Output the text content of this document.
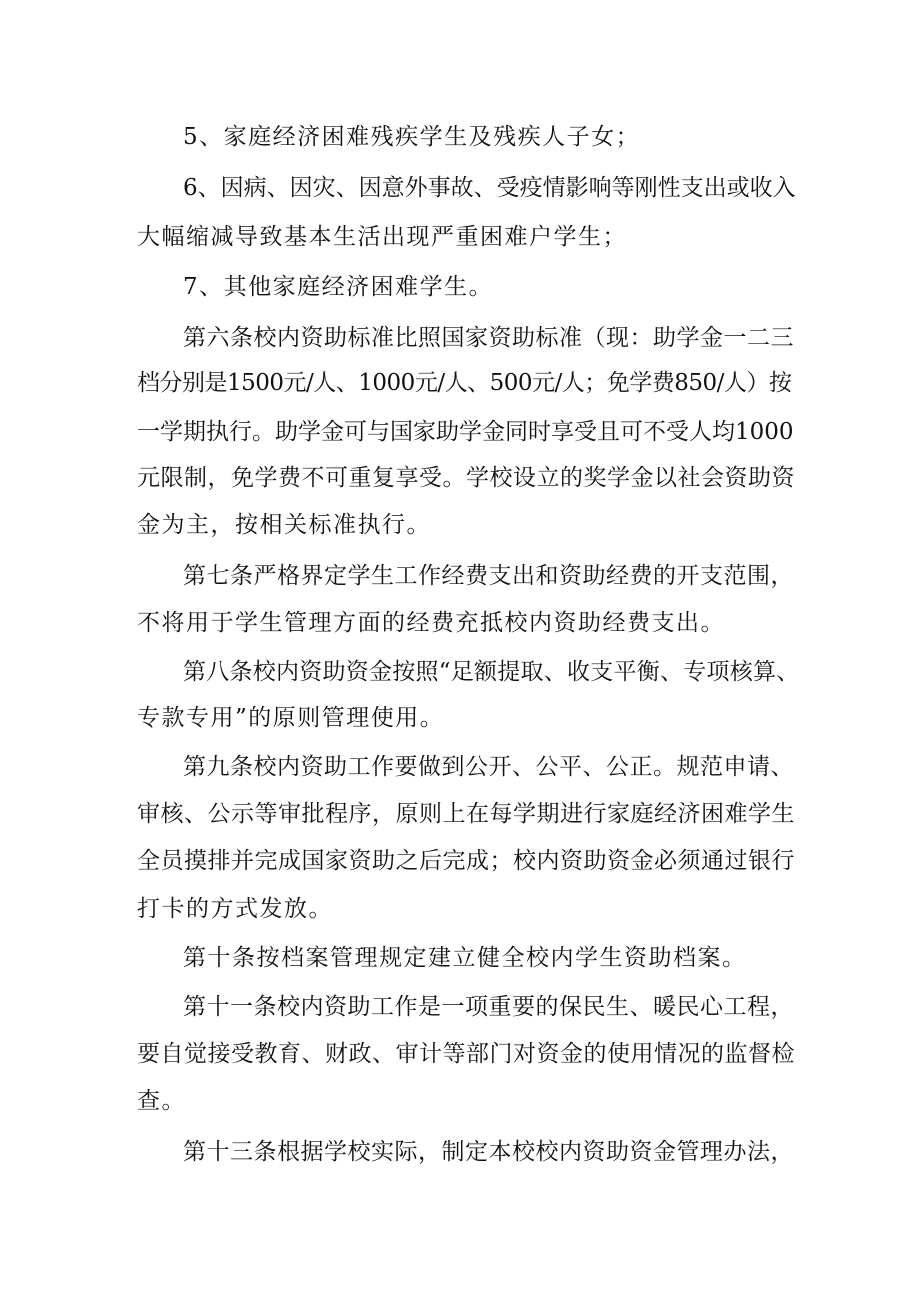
5、家庭经济困难残疾学生及残疾人子女；
6、因病、因灾、因意外事故、受疫情影响等刚性支出或收入
大幅缩减导致基本生活出现严重困难户学生；
7、其他家庭经济困难学生。
第六条校内资助标准比照国家资助标准（现：助学金一二三
档分别是1500元/人、1000元/人、500元/人；免学费850/人）按
一学期执行。助学金可与国家助学金同时享受且可不受人均1000
元限制，免学费不可重复享受。学校设立的奖学金以社会资助资
金为主，按相关标准执行。
第七条严格界定学生工作经费支出和资助经费的开支范围，
不将用于学生管理方面的经费充抵校内资助经费支出。
第八条校内资助资金按照“足额提取、收支平衡、专项核算、
专款专用”的原则管理使用。
第九条校内资助工作要做到公开、公平、公正。规范申请、
审核、公示等审批程序，原则上在每学期进行家庭经济困难学生
全员摸排并完成国家资助之后完成；校内资助资金必须通过银行
打卡的方式发放。
第十条按档案管理规定建立健全校内学生资助档案。
第十一条校内资助工作是一项重要的保民生、暖民心工程，
要自觉接受教育、财政、审计等部门对资金的使用情况的监督检
查。
第十三条根据学校实际，制定本校校内资助资金管理办法，
